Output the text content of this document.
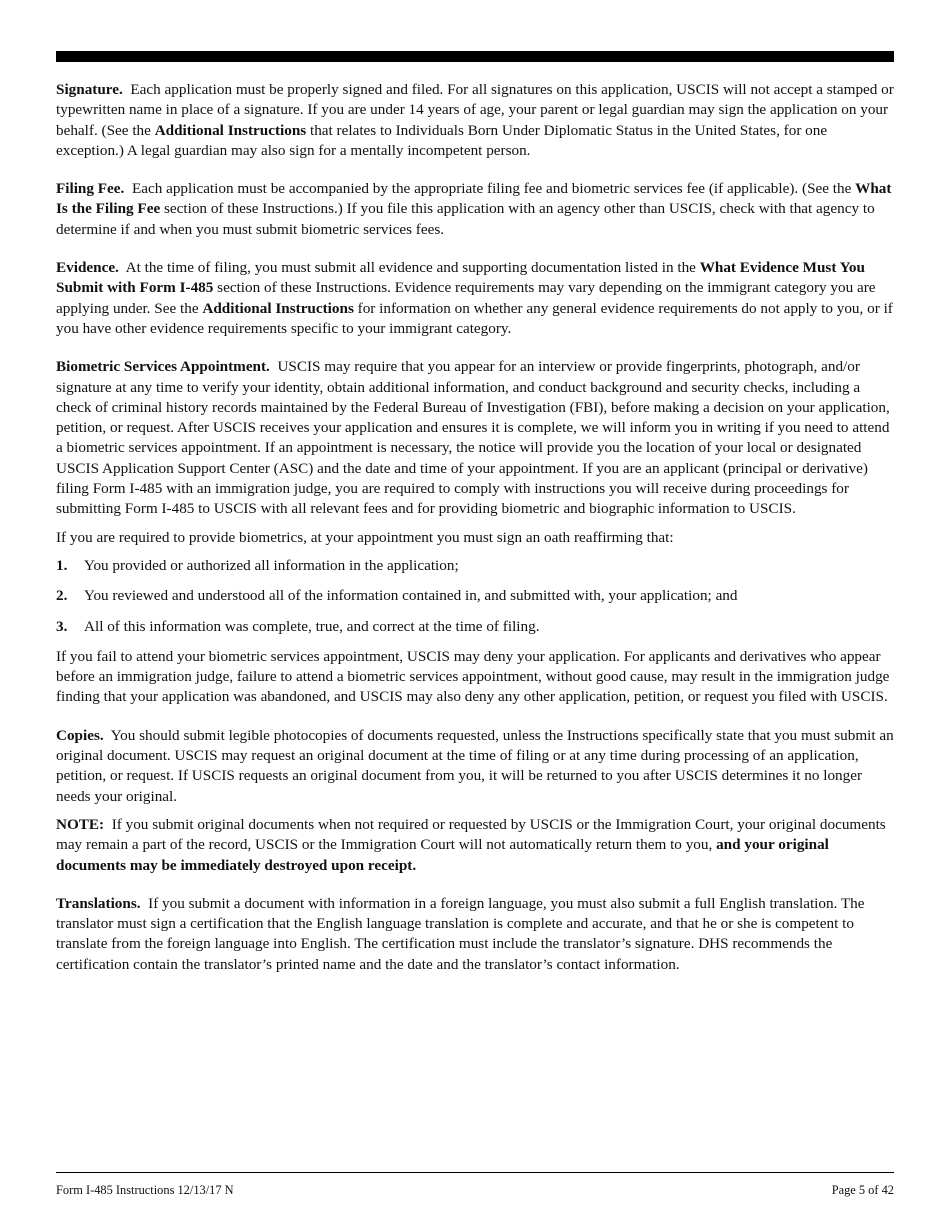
Signature. Each application must be properly signed and filed. For all signatures on this application, USCIS will not accept a stamped or typewritten name in place of a signature. If you are under 14 years of age, your parent or legal guardian may sign the application on your behalf. (See the Additional Instructions that relates to Individuals Born Under Diplomatic Status in the United States, for one exception.) A legal guardian may also sign for a mentally incompetent person.

Filing Fee. Each application must be accompanied by the appropriate filing fee and biometric services fee (if applicable). (See the What Is the Filing Fee section of these Instructions.) If you file this application with an agency other than USCIS, check with that agency to determine if and when you must submit biometric services fees.

Evidence. At the time of filing, you must submit all evidence and supporting documentation listed in the What Evidence Must You Submit with Form I-485 section of these Instructions. Evidence requirements may vary depending on the immigrant category you are applying under. See the Additional Instructions for information on whether any general evidence requirements do not apply to you, or if you have other evidence requirements specific to your immigrant category.

Biometric Services Appointment. USCIS may require that you appear for an interview or provide fingerprints, photograph, and/or signature at any time to verify your identity, obtain additional information, and conduct background and security checks, including a check of criminal history records maintained by the Federal Bureau of Investigation (FBI), before making a decision on your application, petition, or request. After USCIS receives your application and ensures it is complete, we will inform you in writing if you need to attend a biometric services appointment. If an appointment is necessary, the notice will provide you the location of your local or designated USCIS Application Support Center (ASC) and the date and time of your appointment. If you are an applicant (principal or derivative) filing Form I-485 with an immigration judge, you are required to comply with instructions you will receive during proceedings for submitting Form I-485 to USCIS with all relevant fees and for providing biometric and biographic information to USCIS.

If you are required to provide biometrics, at your appointment you must sign an oath reaffirming that:

1.	You provided or authorized all information in the application;
2.	You reviewed and understood all of the information contained in, and submitted with, your application; and
3.	All of this information was complete, true, and correct at the time of filing.

If you fail to attend your biometric services appointment, USCIS may deny your application. For applicants and derivatives who appear before an immigration judge, failure to attend a biometric services appointment, without good cause, may result in the immigration judge finding that your application was abandoned, and USCIS may also deny any other application, petition, or request you filed with USCIS.

Copies. You should submit legible photocopies of documents requested, unless the Instructions specifically state that you must submit an original document. USCIS may request an original document at the time of filing or at any time during processing of an application, petition, or request. If USCIS requests an original document from you, it will be returned to you after USCIS determines it no longer needs your original.

NOTE: If you submit original documents when not required or requested by USCIS or the Immigration Court, your original documents may remain a part of the record, USCIS or the Immigration Court will not automatically return them to you, and your original documents may be immediately destroyed upon receipt.

Translations. If you submit a document with information in a foreign language, you must also submit a full English translation. The translator must sign a certification that the English language translation is complete and accurate, and that he or she is competent to translate from the foreign language into English. The certification must include the translator’s signature. DHS recommends the certification contain the translator’s printed name and the date and the translator’s contact information.

Form I-485 Instructions 12/13/17 N	Page 5 of 42
